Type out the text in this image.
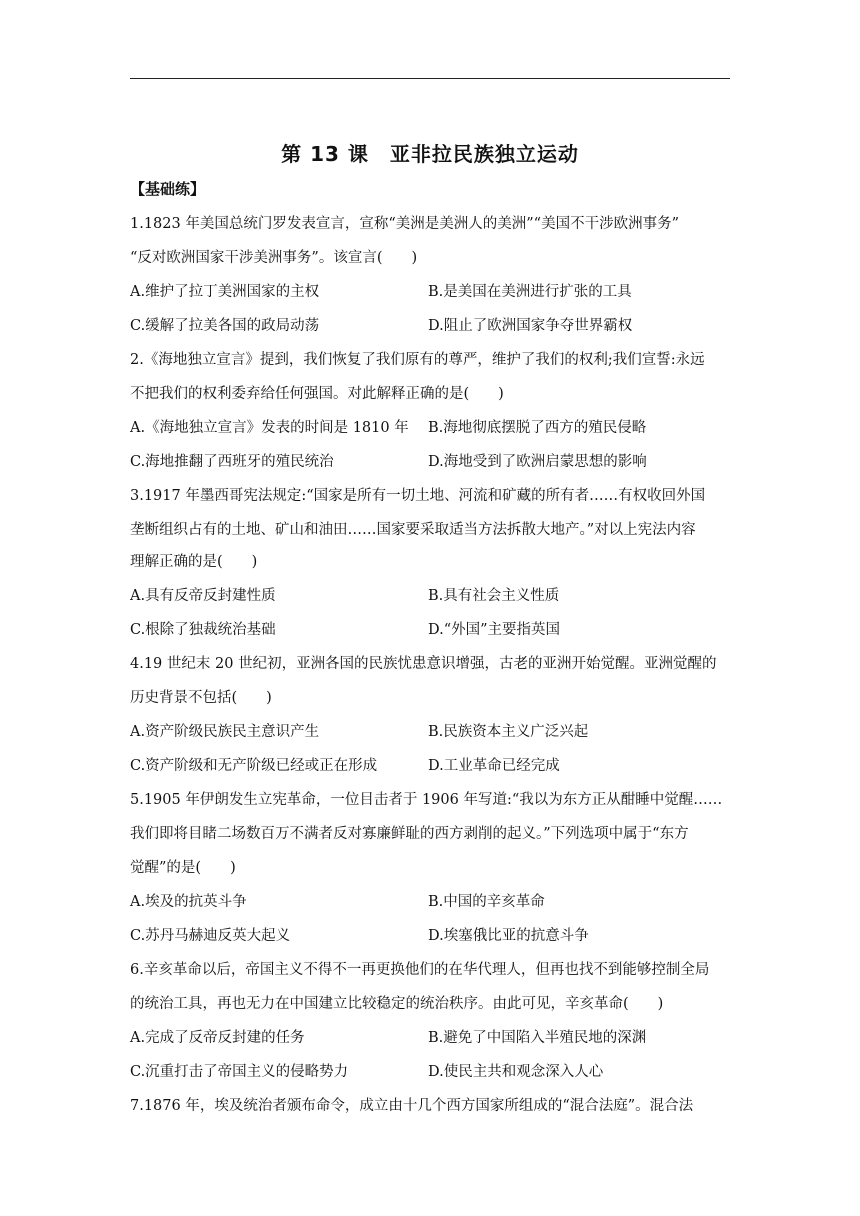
第 13 课　亚非拉民族独立运动
【基础练】
1.1823 年美国总统门罗发表宣言，宣称“美洲是美洲人的美洲”“美国不干涉欧洲事务”
“反对欧洲国家干涉美洲事务”。该宣言(　　)
A.维护了拉丁美洲国家的主权	B.是美国在美洲进行扩张的工具
C.缓解了拉美各国的政局动荡	D.阻止了欧洲国家争夺世界霸权
2.《海地独立宣言》提到，我们恢复了我们原有的尊严，维护了我们的权利;我们宣誓:永远
不把我们的权利委弃给任何强国。对此解释正确的是(　　)
A.《海地独立宣言》发表的时间是 1810 年 B.海地彻底摆脱了西方的殖民侵略
C.海地推翻了西班牙的殖民统治	D.海地受到了欧洲启蒙思想的影响
3.1917 年墨西哥宪法规定:“国家是所有一切土地、河流和矿藏的所有者……有权收回外国
垄断组织占有的土地、矿山和油田……国家要采取适当方法拆散大地产。”对以上宪法内容
理解正确的是(　　)
A.具有反帝反封建性质	B.具有社会主义性质
C.根除了独裁统治基础	D.“外国”主要指英国
4.19 世纪末 20 世纪初，亚洲各国的民族忧患意识增强，古老的亚洲开始觉醒。亚洲觉醒的
历史背景不包括(　　)
A.资产阶级民族民主意识产生	B.民族资本主义广泛兴起
C.资产阶级和无产阶级已经或正在形成	D.工业革命已经完成
5.1905 年伊朗发生立宪革命，一位目击者于 1906 年写道:“我以为东方正从酣睡中觉醒……
我们即将目睹二场数百万不满者反对寡廉鲜耻的西方剥削的起义。”下列选项中属于“东方
觉醒”的是(　　)
A.埃及的抗英斗争	B.中国的辛亥革命
C.苏丹马赫迪反英大起义	D.埃塞俄比亚的抗意斗争
6.辛亥革命以后，帝国主义不得不一再更换他们的在华代理人，但再也找不到能够控制全局
的统治工具，再也无力在中国建立比较稳定的统治秩序。由此可见，辛亥革命(　　)
A.完成了反帝反封建的任务	B.避免了中国陷入半殖民地的深渊
C.沉重打击了帝国主义的侵略势力	D.使民主共和观念深入人心
7.1876 年，埃及统治者颁布命令，成立由十几个西方国家所组成的“混合法庭”。混合法
